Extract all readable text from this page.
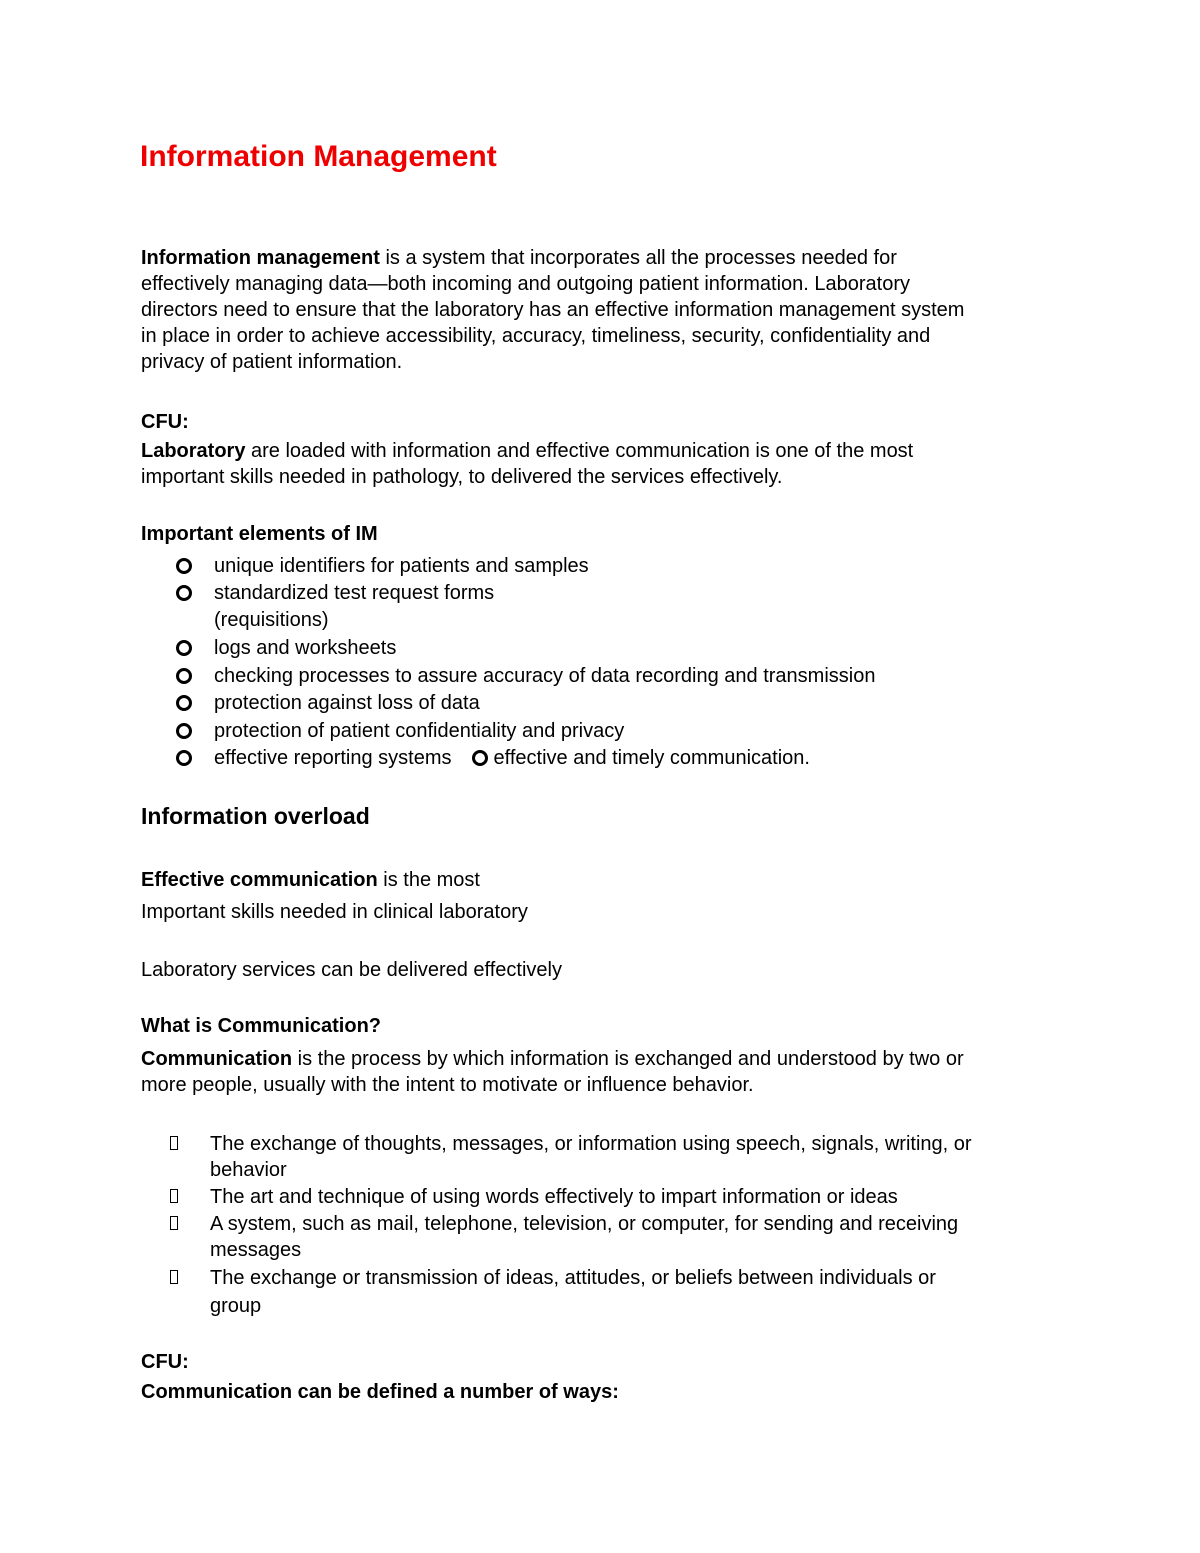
Information Management
Information management is a system that incorporates all the processes needed for
effectively managing data—both incoming and outgoing patient information. Laboratory
directors need to ensure that the laboratory has an effective information management system
in place in order to achieve accessibility, accuracy, timeliness, security, confidentiality and
privacy of patient information.
CFU:
Laboratory are loaded with information and effective communication is one of the most
important skills needed in pathology, to delivered the services effectively.
Important elements of IM
unique identifiers for patients and samples
standardized test request forms
(requisitions)
logs and worksheets
checking processes to assure accuracy of data recording and transmission
protection against loss of data
protection of patient confidentiality and privacy
effective reporting systems effective and timely communication.
Information overload
Effective communication is the most
Important skills needed in clinical laboratory
Laboratory services can be delivered effectively
What is Communication?
Communication is the process by which information is exchanged and understood by two or
more people, usually with the intent to motivate or influence behavior.
The exchange of thoughts, messages, or information using speech, signals, writing, or
behavior
The art and technique of using words effectively to impart information or ideas
A system, such as mail, telephone, television, or computer, for sending and receiving
messages
The exchange or transmission of ideas, attitudes, or beliefs between individuals or
group
CFU:
Communication can be defined a number of ways:
